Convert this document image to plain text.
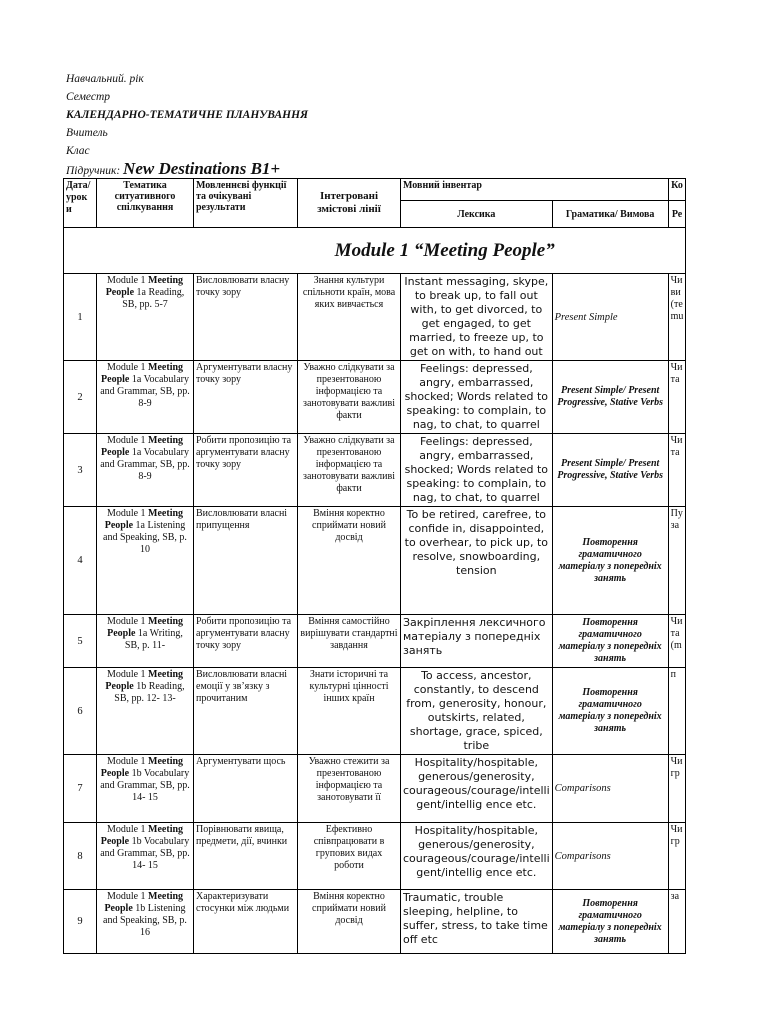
Навчальний. рік
Семестр
КАЛЕНДАРНО-ТЕМАТИЧНЕ ПЛАНУВАННЯ
Вчитель
Клас
Підручник: New Destinations B1+
Дата/ урок и	Тематика ситуативного спілкування	Мовленнєві функції та очікувані результати	Інтегровані змістові лінії	Мовний інвентар		Ко
				Лексика	Граматика/ Вимова	Ре
Module 1 “Meeting People”						
1	Module 1 Meeting People 1a Reading, SB, pp. 5-7	Висловлювати власну точку зору	Знання культури спільноти країн, мова яких вивчається	Instant messaging, skype, to break up, to fall out with, to get divorced, to get engaged, to get married, to freeze up, to get on with, to hand out	Present Simple	Чи ви (те mu
2	Module 1 Meeting People 1a Vocabulary and Grammar, SB, pp. 8-9	Аргументувати власну точку зору	Уважно слідкувати за презентованою інформацією та занотовувати важливі факти	Feelings: depressed, angry, embarrassed, shocked; Words related to speaking: to complain, to nag, to chat, to quarrel	Present Simple/ Present Progressive, Stative Verbs	Чи та
3	Module 1 Meeting People 1a Vocabulary and Grammar, SB, pp. 8-9	Робити пропозицію та аргументувати власну точку зору	Уважно слідкувати за презентованою інформацією та занотовувати важливі факти	Feelings: depressed, angry, embarrassed, shocked; Words related to speaking: to complain, to nag, to chat, to quarrel	Present Simple/ Present Progressive, Stative Verbs	Чи та
4	Module 1 Meeting People 1a Listening and Speaking, SB, p. 10	Висловлювати власні припущення	Вміння коректно сприймати новий досвід	To be retired, carefree, to confide in, disappointed, to overhear, to pick up, to resolve, snowboarding, tension	Повторення граматичного матеріалу з попередніх занять	Пу за
5	Module 1 Meeting People 1a Writing, SB, p. 11-	Робити пропозицію та аргументувати власну точку зору	Вміння самостійно вирішувати стандартні завдання	Закріплення лексичного матеріалу з попередніх занять	Повторення граматичного матеріалу з попередніх занять	Чи та (m
6	Module 1 Meeting People 1b Reading, SB, pp. 12- 13-	Висловлювати власні емоції у зв’язку з прочитаним	Знати історичні та культурні цінності інших країн	To access, ancestor, constantly, to descend from, generosity, honour, outskirts, related, shortage, grace, spiced, tribe	Повторення граматичного матеріалу з попередніх занять	п
7	Module 1 Meeting People 1b Vocabulary and Grammar, SB, pp. 14- 15	Аргументувати щось	Уважно стежити за презентованою інформацією та занотовувати її	Hospitality/hospitable, generous/generosity, courageous/courage/intelli gent/intellig ence etc.	Comparisons	Чи гр
8	Module 1 Meeting People 1b Vocabulary and Grammar, SB, pp. 14- 15	Порівнювати явища, предмети, дії, вчинки	Ефективно співпрацювати в групових видах роботи	Hospitality/hospitable, generous/generosity, courageous/courage/intelli gent/intellig ence etc.	Comparisons	Чи гр
9	Module 1 Meeting People 1b Listening and Speaking, SB, p. 16	Характеризувати стосунки між людьми	Вміння коректно сприймати новий досвід	Traumatic, trouble sleeping, helpline, to suffer, stress, to take time off etc	Повторення граматичного матеріалу з попередніх занять	за
